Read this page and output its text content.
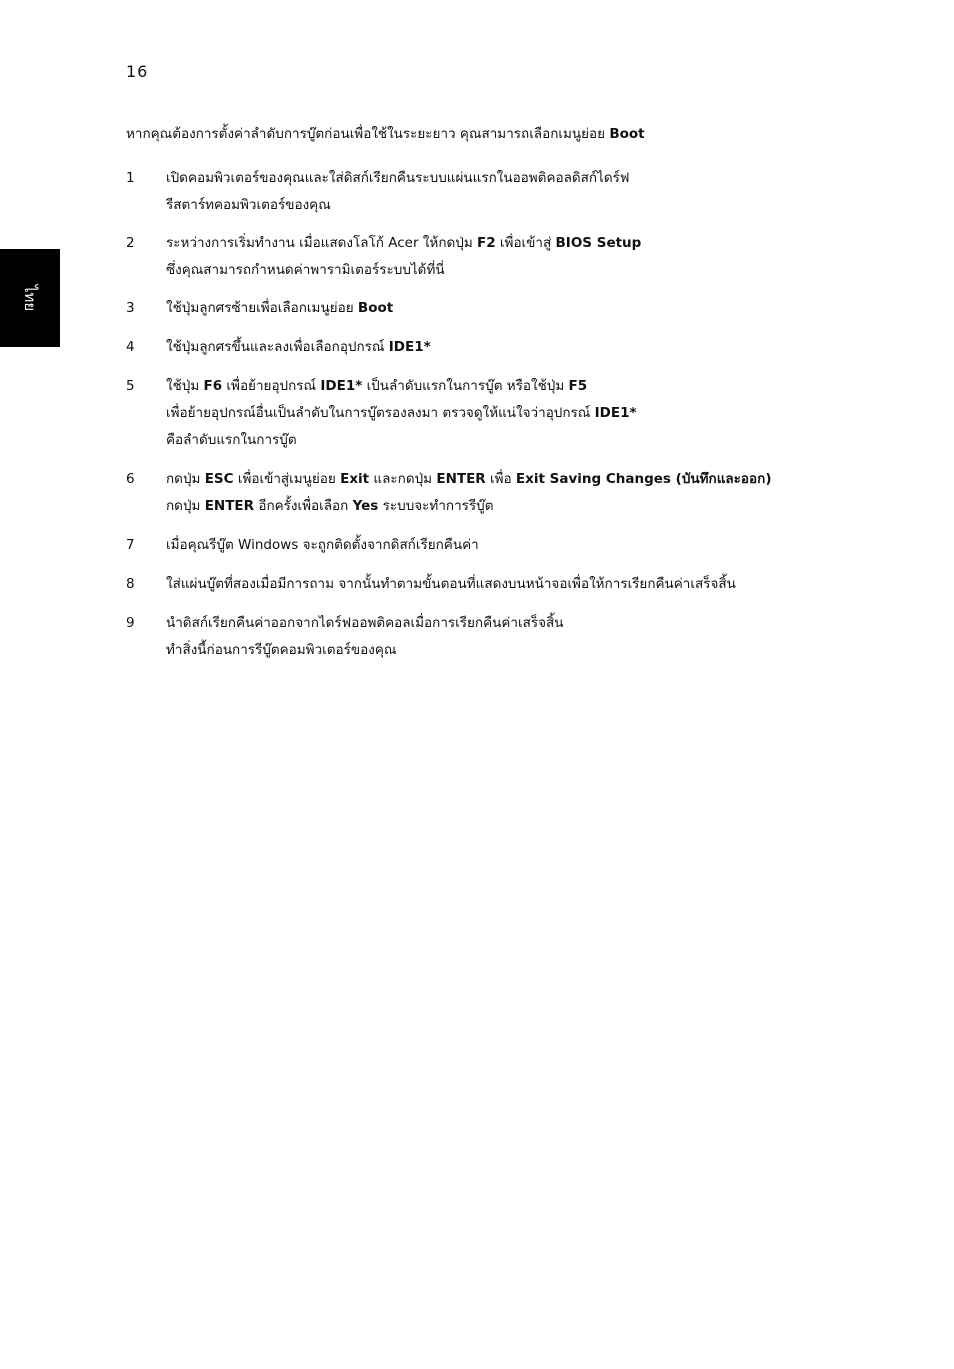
16
ไทย
หากคุณต้องการตั้งค่าลำดับการบู๊ตก่อนเพื่อใช้ในระยะยาว คุณสามารถเลือกเมนูย่อย Boot
1 เปิดคอมพิวเตอร์ของคุณและใส่ดิสก์เรียกคืนระบบแผ่นแรกในออพติคอลดิสก์ไดร์ฟ
รีสตาร์ทคอมพิวเตอร์ของคุณ
2 ระหว่างการเริ่มทำงาน เมื่อแสดงโลโก้ Acer ให้กดปุ่ม F2 เพื่อเข้าสู่ BIOS Setup
ซึ่งคุณสามารถกำหนดค่าพารามิเตอร์ระบบได้ที่นี่
3 ใช้ปุ่มลูกศรซ้ายเพื่อเลือกเมนูย่อย Boot
4 ใช้ปุ่มลูกศรขึ้นและลงเพื่อเลือกอุปกรณ์ IDE1*
5 ใช้ปุ่ม F6 เพื่อย้ายอุปกรณ์ IDE1* เป็นลำดับแรกในการบู๊ต หรือใช้ปุ่ม F5
เพื่อย้ายอุปกรณ์อื่นเป็นลำดับในการบู๊ตรองลงมา ตรวจดูให้แน่ใจว่าอุปกรณ์ IDE1*
คือลำดับแรกในการบู๊ต
6 กดปุ่ม ESC เพื่อเข้าสู่เมนูย่อย Exit และกดปุ่ม ENTER เพื่อ Exit Saving Changes (บันทึกและออก)
กดปุ่ม ENTER อีกครั้งเพื่อเลือก Yes ระบบจะทำการรีบู๊ต
7 เมื่อคุณรีบู๊ต Windows จะถูกติดตั้งจากดิสก์เรียกคืนค่า
8 ใส่แผ่นบู๊ตที่สองเมื่อมีการถาม จากนั้นทำตามขั้นตอนที่แสดงบนหน้าจอเพื่อให้การเรียกคืนค่าเสร็จสิ้น
9 นำดิสก์เรียกคืนค่าออกจากไดร์ฟออพติคอลเมื่อการเรียกคืนค่าเสร็จสิ้น
ทำสิ่งนี้ก่อนการรีบู๊ตคอมพิวเตอร์ของคุณ
